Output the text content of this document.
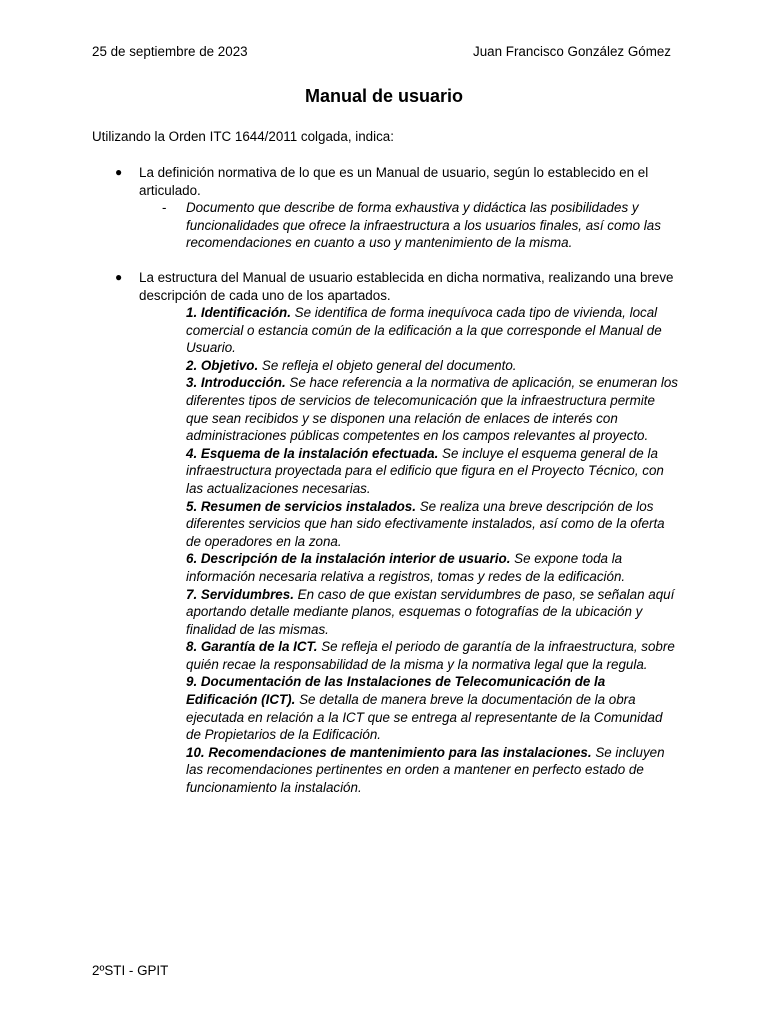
25 de septiembre de 2023	Juan Francisco González Gómez
Manual de usuario
Utilizando la Orden ITC 1644/2011 colgada, indica:
● La definición normativa de lo que es un Manual de usuario, según lo establecido en el articulado.
- Documento que describe de forma exhaustiva y didáctica las posibilidades y funcionalidades que ofrece la infraestructura a los usuarios finales, así como las recomendaciones en cuanto a uso y mantenimiento de la misma.
● La estructura del Manual de usuario establecida en dicha normativa, realizando una breve descripción de cada uno de los apartados.
1. Identificación. Se identifica de forma inequívoca cada tipo de vivienda, local comercial o estancia común de la edificación a la que corresponde el Manual de Usuario.
2. Objetivo. Se refleja el objeto general del documento.
3. Introducción. Se hace referencia a la normativa de aplicación, se enumeran los diferentes tipos de servicios de telecomunicación que la infraestructura permite que sean recibidos y se disponen una relación de enlaces de interés con administraciones públicas competentes en los campos relevantes al proyecto.
4. Esquema de la instalación efectuada. Se incluye el esquema general de la infraestructura proyectada para el edificio que figura en el Proyecto Técnico, con las actualizaciones necesarias.
5. Resumen de servicios instalados. Se realiza una breve descripción de los diferentes servicios que han sido efectivamente instalados, así como de la oferta de operadores en la zona.
6. Descripción de la instalación interior de usuario. Se expone toda la información necesaria relativa a registros, tomas y redes de la edificación.
7. Servidumbres. En caso de que existan servidumbres de paso, se señalan aquí aportando detalle mediante planos, esquemas o fotografías de la ubicación y finalidad de las mismas.
8. Garantía de la ICT. Se refleja el periodo de garantía de la infraestructura, sobre quién recae la responsabilidad de la misma y la normativa legal que la regula.
9. Documentación de las Instalaciones de Telecomunicación de la Edificación (ICT). Se detalla de manera breve la documentación de la obra ejecutada en relación a la ICT que se entrega al representante de la Comunidad de Propietarios de la Edificación.
10. Recomendaciones de mantenimiento para las instalaciones. Se incluyen las recomendaciones pertinentes en orden a mantener en perfecto estado de funcionamiento la instalación.
2ºSTI - GPIT
